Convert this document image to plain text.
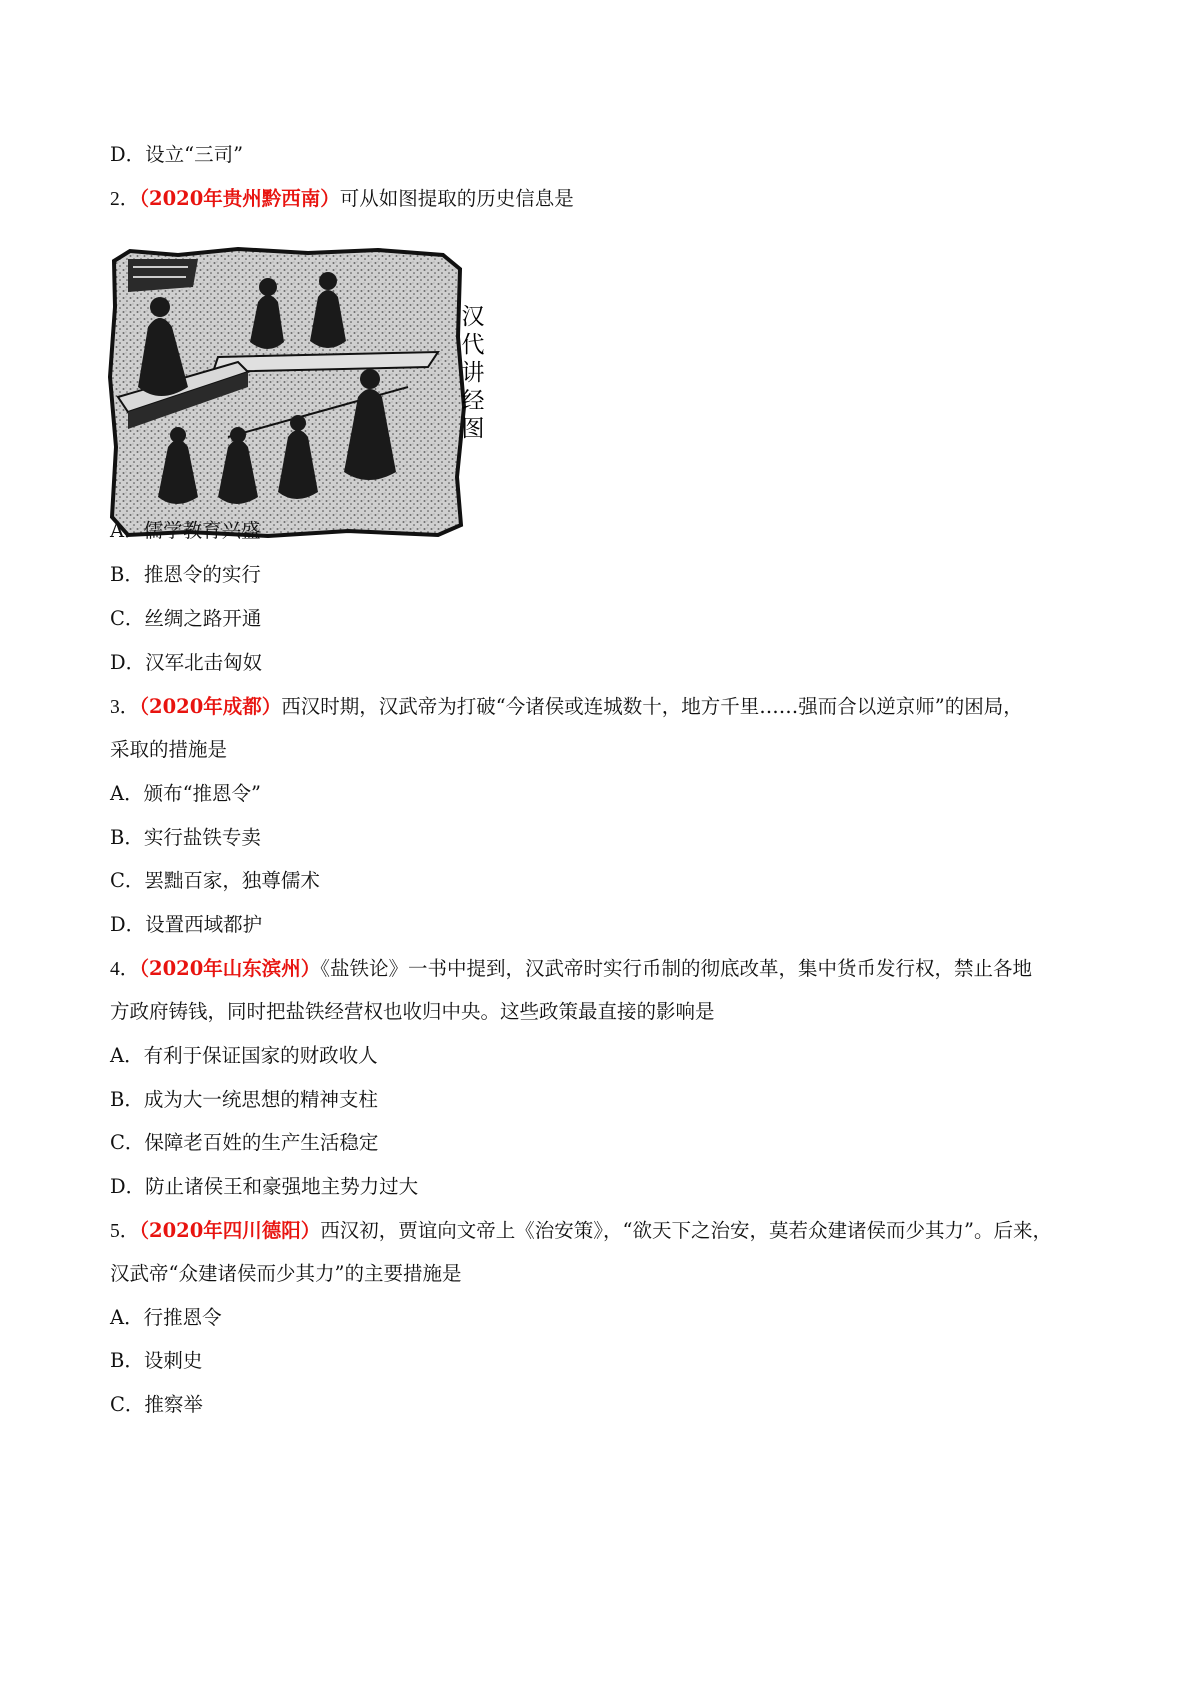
D．设立“三司”
2．（2020年贵州黔西南）可从如图提取的历史信息是
汉
代
讲
经
图
A．儒学教育兴盛
B．推恩令的实行
C．丝绸之路开通
D．汉军北击匈奴
3．（2020年成都）西汉时期，汉武帝为打破“今诸侯或连城数十，地方千里……强而合以逆京师”的困局，
采取的措施是
A．颁布“推恩令”
B．实行盐铁专卖
C．罢黜百家，独尊儒术
D．设置西域都护
4．（2020年山东滨州）《盐铁论》一书中提到，汉武帝时实行币制的彻底改革，集中货币发行权，禁止各地
方政府铸钱，同时把盐铁经营权也收归中央。这些政策最直接的影响是
A．有利于保证国家的财政收人
B．成为大一统思想的精神支柱
C．保障老百姓的生产生活稳定
D．防止诸侯王和豪强地主势力过大
5．（2020年四川德阳）西汉初，贾谊向文帝上《治安策》，“欲天下之治安，莫若众建诸侯而少其力”。后来，
汉武帝“众建诸侯而少其力”的主要措施是
A．行推恩令
B．设刺史
C．推察举
